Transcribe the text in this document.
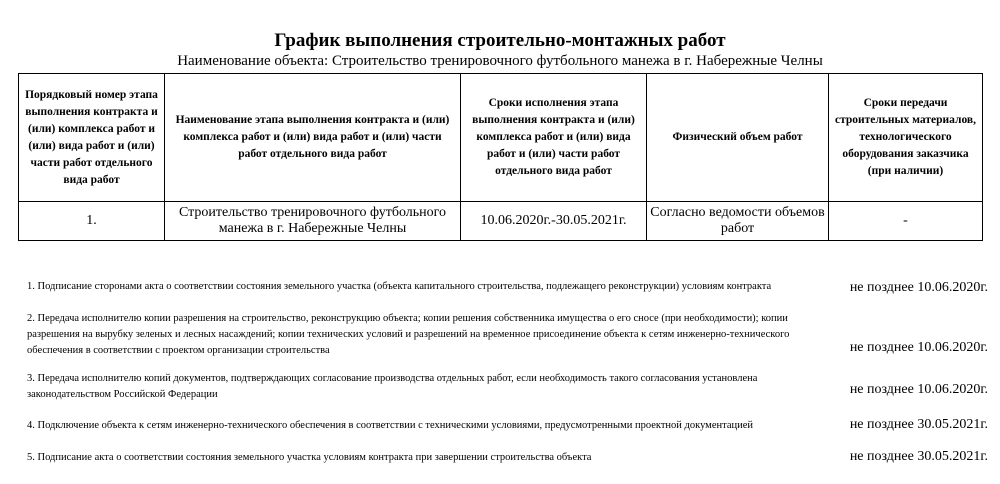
График выполнения строительно-монтажных работ
Наименование объекта: Строительство тренировочного футбольного манежа в г. Набережные Челны
Порядковый номер этапа выполнения контракта и (или) комплекса работ и (или) вида работ и (или) части работ отдельного вида работ	Наименование этапа выполнения контракта и (или) комплекса работ и (или) вида работ и (или) части работ отдельного вида работ	Сроки исполнения этапа выполнения контракта и (или) комплекса работ и (или) вида работ и (или) части работ отдельного вида работ	Физический объем работ	Сроки передачи строительных материалов, технологического оборудования заказчика (при наличии)
1.	Строительство тренировочного футбольного манежа в г. Набережные Челны	10.06.2020г.-30.05.2021г.	Согласно ведомости объемов работ	-
1. Подписание сторонами акта о соответствии состояния земельного участка (объекта капитального строительства, подлежащего реконструкции) условиям контракта	не позднее 10.06.2020г.
2. Передача исполнителю копии разрешения на строительство, реконструкцию объекта; копии решения собственника имущества о его сносе (при необходимости); копии разрешения на вырубку зеленых и лесных насаждений; копии технических условий и разрешений на временное присоединение объекта к сетям инженерно-технического обеспечения в соответствии с проектом организации строительства	не позднее 10.06.2020г.
3. Передача исполнителю копий документов, подтверждающих согласование производства отдельных работ, если необходимость такого согласования установлена законодательством Российской Федерации	не позднее 10.06.2020г.
4. Подключение объекта к сетям инженерно-технического обеспечения в соответствии с техническими условиями, предусмотренными проектной документацией	не позднее 30.05.2021г.
5. Подписание акта о соответствии состояния земельного участка условиям контракта при завершении строительства объекта	не позднее 30.05.2021г.
